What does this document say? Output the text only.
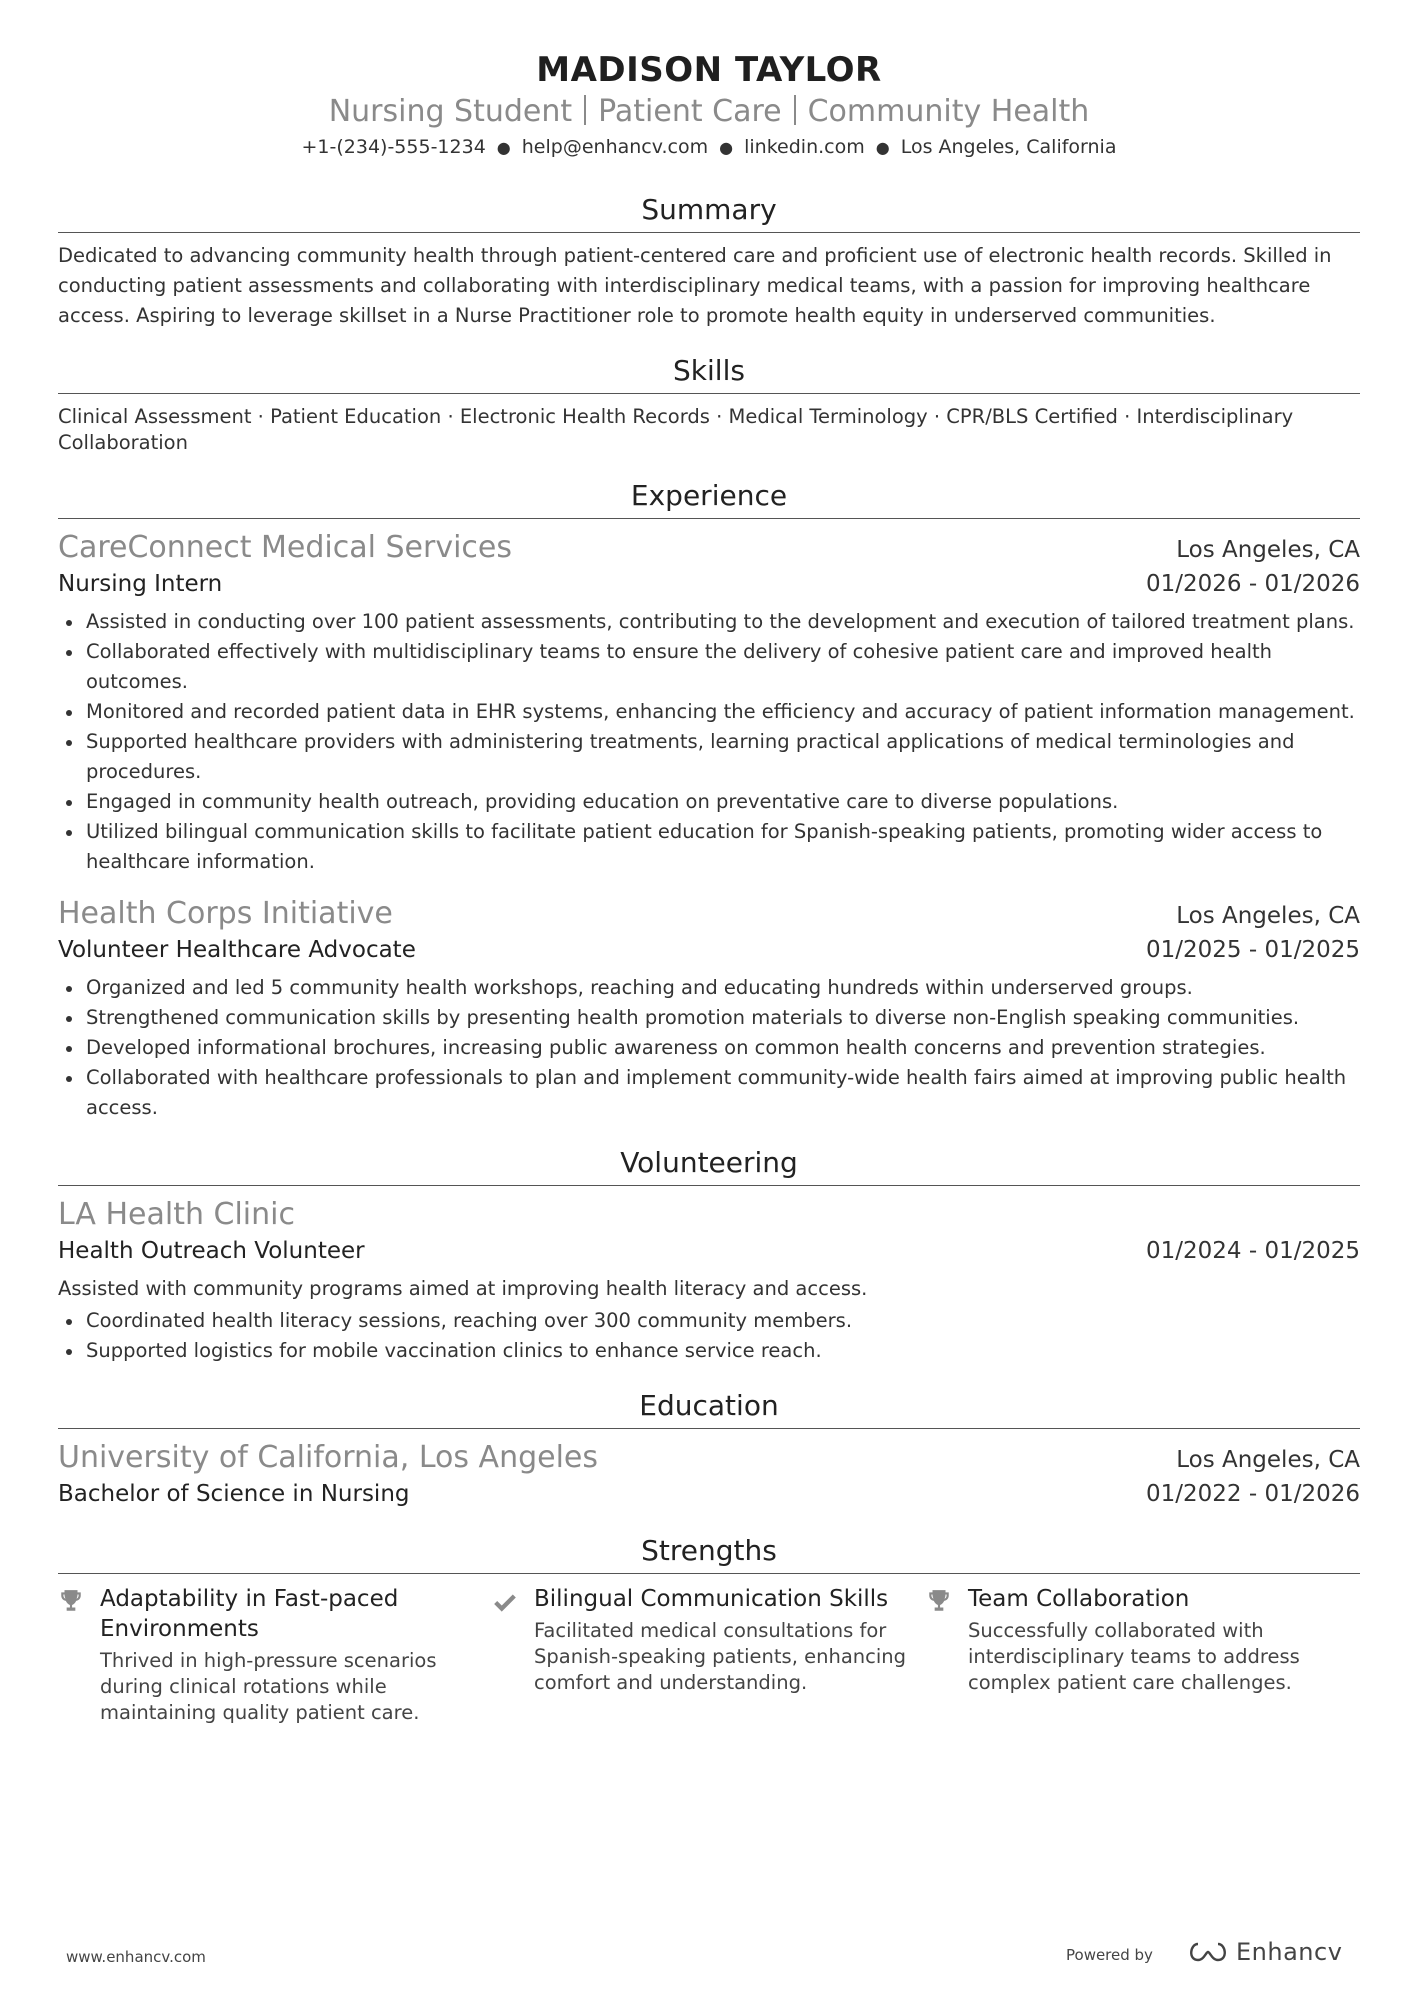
MADISON TAYLOR
Nursing Student Patient Care Community Health
+1-(234)-555-1234 ● help@enhancv.com ● linkedin.com ● Los Angeles, California
Summary
Dedicated to advancing community health through patient-centered care and proficient use of electronic health records. Skilled in conducting patient assessments and collaborating with interdisciplinary medical teams, with a passion for improving healthcare access. Aspiring to leverage skillset in a Nurse Practitioner role to promote health equity in underserved communities.
Skills
Clinical Assessment · Patient Education · Electronic Health Records · Medical Terminology · CPR/BLS Certified · Interdisciplinary Collaboration
Experience
CareConnect Medical Services	Los Angeles, CA
Nursing Intern	01/2026 - 01/2026
Assisted in conducting over 100 patient assessments, contributing to the development and execution of tailored treatment plans.
Collaborated effectively with multidisciplinary teams to ensure the delivery of cohesive patient care and improved health outcomes.
Monitored and recorded patient data in EHR systems, enhancing the efficiency and accuracy of patient information management.
Supported healthcare providers with administering treatments, learning practical applications of medical terminologies and procedures.
Engaged in community health outreach, providing education on preventative care to diverse populations.
Utilized bilingual communication skills to facilitate patient education for Spanish-speaking patients, promoting wider access to healthcare information.
Health Corps Initiative	Los Angeles, CA
Volunteer Healthcare Advocate	01/2025 - 01/2025
Organized and led 5 community health workshops, reaching and educating hundreds within underserved groups.
Strengthened communication skills by presenting health promotion materials to diverse non-English speaking communities.
Developed informational brochures, increasing public awareness on common health concerns and prevention strategies.
Collaborated with healthcare professionals to plan and implement community-wide health fairs aimed at improving public health access.
Volunteering
LA Health Clinic
Health Outreach Volunteer	01/2024 - 01/2025
Assisted with community programs aimed at improving health literacy and access.
Coordinated health literacy sessions, reaching over 300 community members.
Supported logistics for mobile vaccination clinics to enhance service reach.
Education
University of California, Los Angeles	Los Angeles, CA
Bachelor of Science in Nursing	01/2022 - 01/2026
Strengths
Adaptability in Fast-paced Environments
Thrived in high-pressure scenarios during clinical rotations while maintaining quality patient care.
Bilingual Communication Skills
Facilitated medical consultations for Spanish-speaking patients, enhancing comfort and understanding.
Team Collaboration
Successfully collaborated with interdisciplinary teams to address complex patient care challenges.
www.enhancv.com	Powered by	Enhancv
